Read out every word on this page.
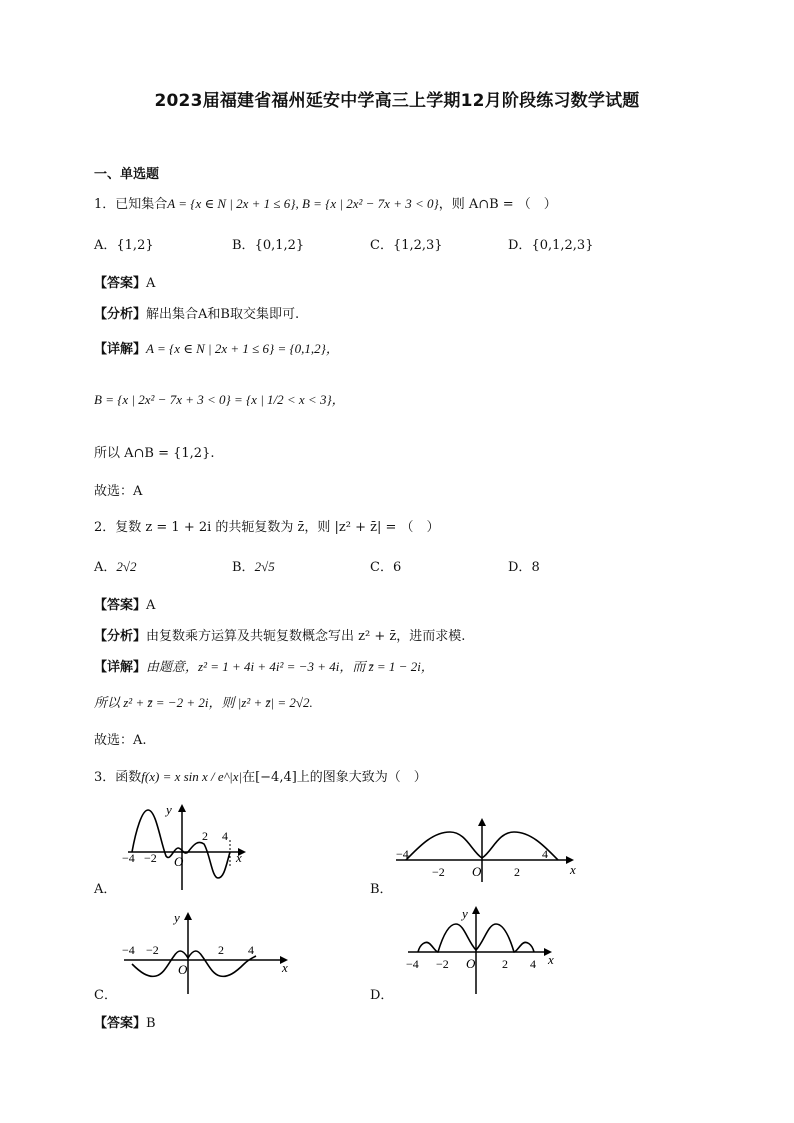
2023届福建省福州延安中学高三上学期12月阶段练习数学试题
一、单选题
1．已知集合A = {x ∈ N | 2x + 1 ≤ 6}, B = {x | 2x² − 7x + 3 < 0}，则 A∩B = （　）
A．{1,2}	B．{0,1,2}	C．{1,2,3}	D．{0,1,2,3}
【答案】A
【分析】解出集合A和B取交集即可.
【详解】A = {x ∈ N | 2x + 1 ≤ 6} = {0,1,2}，
B = {x | 2x² − 7x + 3 < 0} = {x | 1/2 < x < 3}，
所以 A∩B = {1,2}.
故选：A
2．复数 z = 1 + 2i 的共轭复数为 z̄，则 |z² + z̄| = （　）
A．2√2	B．2√5	C．6	D．8
【答案】A
【分析】由复数乘方运算及共轭复数概念写出 z² + z̄，进而求模.
【详解】由题意，z² = 1 + 4i + 4i² = −3 + 4i，而 z̄ = 1 − 2i，
所以 z² + z̄ = −2 + 2i，则 |z² + z̄| = 2√2.
故选：A.
3．函数f(x) = x sin x / e^|x|在[−4,4]上的图象大致为（　）
O
y
x
−4 −2
2 4
A．
O	x
−4
−2	2
4
B．
O
y
x
−4 −2	2 4
C．
O
y
x
−4 −2	2 4
D．
【答案】B
